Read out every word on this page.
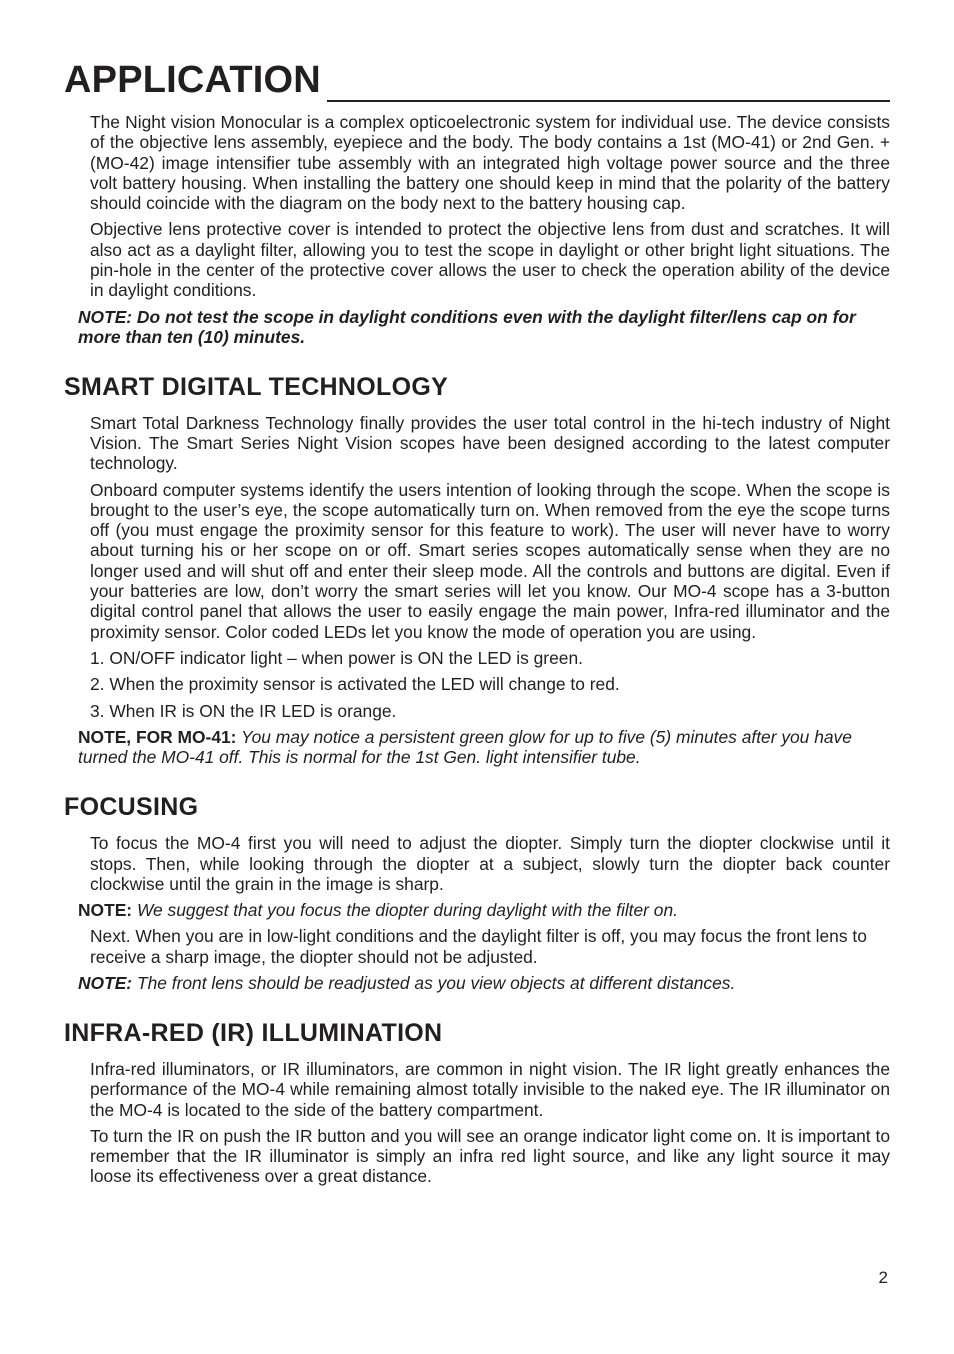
APPLICATION

The Night vision Monocular is a complex opticoelectronic system for individual use. The device consists of the objective lens assembly, eyepiece and the body. The body contains a 1st (MO-41) or 2nd Gen. + (MO-42) image intensifier tube assembly with an integrated high voltage power source and the three volt battery housing. When installing the battery one should keep in mind that the polarity of the battery should coincide with the diagram on the body next to the battery housing cap.

Objective lens protective cover is intended to protect the objective lens from dust and scratches. It will also act as a daylight filter, allowing you to test the scope in daylight or other bright light situations. The pin-hole in the center of the protective cover allows the user to check the operation ability of the device in daylight conditions.

NOTE: Do not test the scope in daylight conditions even with the daylight filter/lens cap on for more than ten (10) minutes.

SMART DIGITAL TECHNOLOGY

Smart Total Darkness Technology finally provides the user total control in the hi-tech industry of Night Vision. The Smart Series Night Vision scopes have been designed according to the latest computer technology.

Onboard computer systems identify the users intention of looking through the scope. When the scope is brought to the user’s eye, the scope automatically turn on. When removed from the eye the scope turns off (you must engage the proximity sensor for this feature to work). The user will never have to worry about turning his or her scope on or off. Smart series scopes automatically sense when they are no longer used and will shut off and enter their sleep mode. All the controls and buttons are digital. Even if your batteries are low, don’t worry the smart series will let you know. Our MO-4 scope has a 3-button digital control panel that allows the user to easily engage the main power, Infra-red illuminator and the proximity sensor. Color coded LEDs let you know the mode of operation you are using.

1. ON/OFF indicator light – when power is ON the LED is green.
2. When the proximity sensor is activated the LED will change to red.
3. When IR is ON the IR LED is orange.

NOTE, FOR MO-41: You may notice a persistent green glow for up to five (5) minutes after you have turned the MO-41 off. This is normal for the 1st Gen. light intensifier tube.

FOCUSING

To focus the MO-4 first you will need to adjust the diopter. Simply turn the diopter clockwise until it stops. Then, while looking through the diopter at a subject, slowly turn the diopter back counter clockwise until the grain in the image is sharp.

NOTE: We suggest that you focus the diopter during daylight with the filter on.

Next. When you are in low-light conditions and the daylight filter is off, you may focus the front lens to receive a sharp image, the diopter should not be adjusted.

NOTE: The front lens should be readjusted as you view objects at different distances.

INFRA-RED (IR) ILLUMINATION

Infra-red illuminators, or IR illuminators, are common in night vision. The IR light greatly enhances the performance of the MO-4 while remaining almost totally invisible to the naked eye. The IR illuminator on the MO-4 is located to the side of the battery compartment.

To turn the IR on push the IR button and you will see an orange indicator light come on. It is important to remember that the IR illuminator is simply an infra red light source, and like any light source it may loose its effectiveness over a great distance.

2
